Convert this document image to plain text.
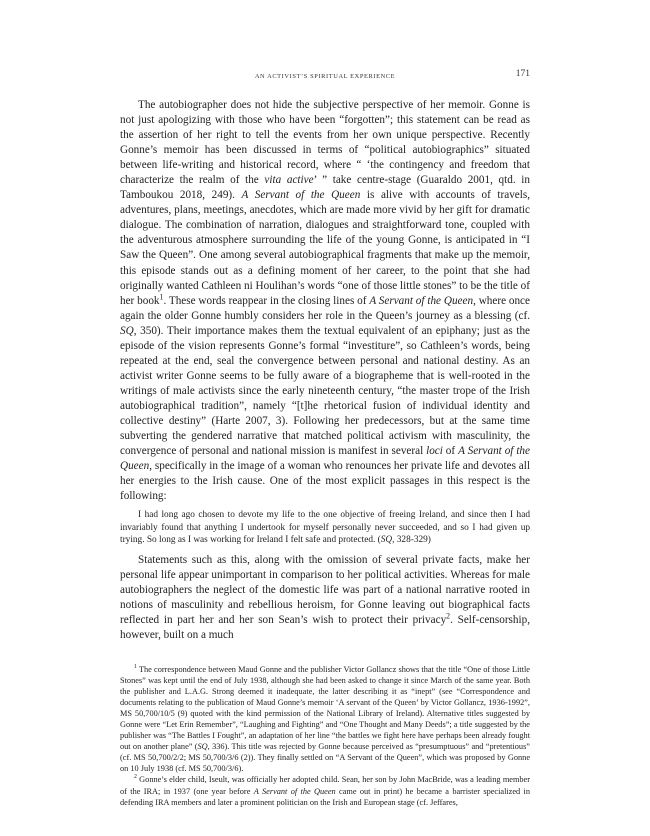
AN ACTIVIST’S SPIRITUAL EXPERIENCE	171

The autobiographer does not hide the subjective perspective of her memoir. Gonne is not just apologizing with those who have been “forgotten”; this statement can be read as the assertion of her right to tell the events from her own unique perspective. Recently Gonne’s memoir has been discussed in terms of “political autobiographics” situated between life-writing and historical record, where “ ‘the contingency and freedom that characterize the realm of the vita active’ ” take centre-stage (Guaraldo 2001, qtd. in Tamboukou 2018, 249). A Servant of the Queen is alive with accounts of travels, adventures, plans, meetings, anecdotes, which are made more vivid by her gift for dramatic dialogue. The combination of narration, dialogues and straightforward tone, coupled with the adventurous atmosphere surrounding the life of the young Gonne, is anticipated in “I Saw the Queen”. One among several autobiographical fragments that make up the memoir, this episode stands out as a defining moment of her career, to the point that she had originally wanted Cathleen ni Houlihan’s words “one of those little stones” to be the title of her book$^1$. These words reappear in the closing lines of A Servant of the Queen, where once again the older Gonne humbly considers her role in the Queen’s journey as a blessing (cf. SQ, 350). Their importance makes them the textual equivalent of an epiphany; just as the episode of the vision represents Gonne’s formal “investiture”, so Cathleen’s words, being repeated at the end, seal the convergence between personal and national destiny. As an activist writer Gonne seems to be fully aware of a biographeme that is well-rooted in the writings of male activists since the early nineteenth century, “the master trope of the Irish autobiographical tradition”, namely “[t]he rhetorical fusion of individual identity and collective destiny” (Harte 2007, 3). Following her predecessors, but at the same time subverting the gendered narrative that matched political activism with masculinity, the convergence of personal and national mission is manifest in several loci of A Servant of the Queen, specifically in the image of a woman who renounces her private life and devotes all her energies to the Irish cause. One of the most explicit passages in this respect is the following:

I had long ago chosen to devote my life to the one objective of freeing Ireland, and since then I had invariably found that anything I undertook for myself personally never succeeded, and so I had given up trying. So long as I was working for Ireland I felt safe and protected. (SQ, 328-329)

Statements such as this, along with the omission of several private facts, make her personal life appear unimportant in comparison to her political activities. Whereas for male autobiographers the neglect of the domestic life was part of a national narrative rooted in notions of masculinity and rebellious heroism, for Gonne leaving out biographical facts reflected in part her and her son Sean’s wish to protect their privacy$^2$. Self-censorship, however, built on a much

$^1$ The correspondence between Maud Gonne and the publisher Victor Gollancz shows that the title “One of those Little Stones” was kept until the end of July 1938, although she had been asked to change it since March of the same year. Both the publisher and L.A.G. Strong deemed it inadequate, the latter describing it as “inept” (see “Correspondence and documents relating to the publication of Maud Gonne’s memoir ‘A servant of the Queen’ by Victor Gollancz, 1936-1992”, MS 50,700/10/5 (9) quoted with the kind permission of the National Library of Ireland). Alternative titles suggested by Gonne were “Let Erin Remember”, “Laughing and Fighting” and “One Thought and Many Deeds”; a title suggested by the publisher was “The Battles I Fought”, an adaptation of her line “the battles we fight here have perhaps been already fought out on another plane” (SQ, 336). This title was rejected by Gonne because perceived as “presumptuous” and “pretentious” (cf. MS 50,700/2/2; MS 50,700/3/6 (2)). They finally settled on “A Servant of the Queen”, which was proposed by Gonne on 10 July 1938 (cf. MS 50,700/3/6).

$^2$ Gonne’s elder child, Iseult, was officially her adopted child. Sean, her son by John MacBride, was a leading member of the IRA; in 1937 (one year before A Servant of the Queen came out in print) he became a barrister specialized in defending IRA members and later a prominent politician on the Irish and European stage (cf. Jeffares,
